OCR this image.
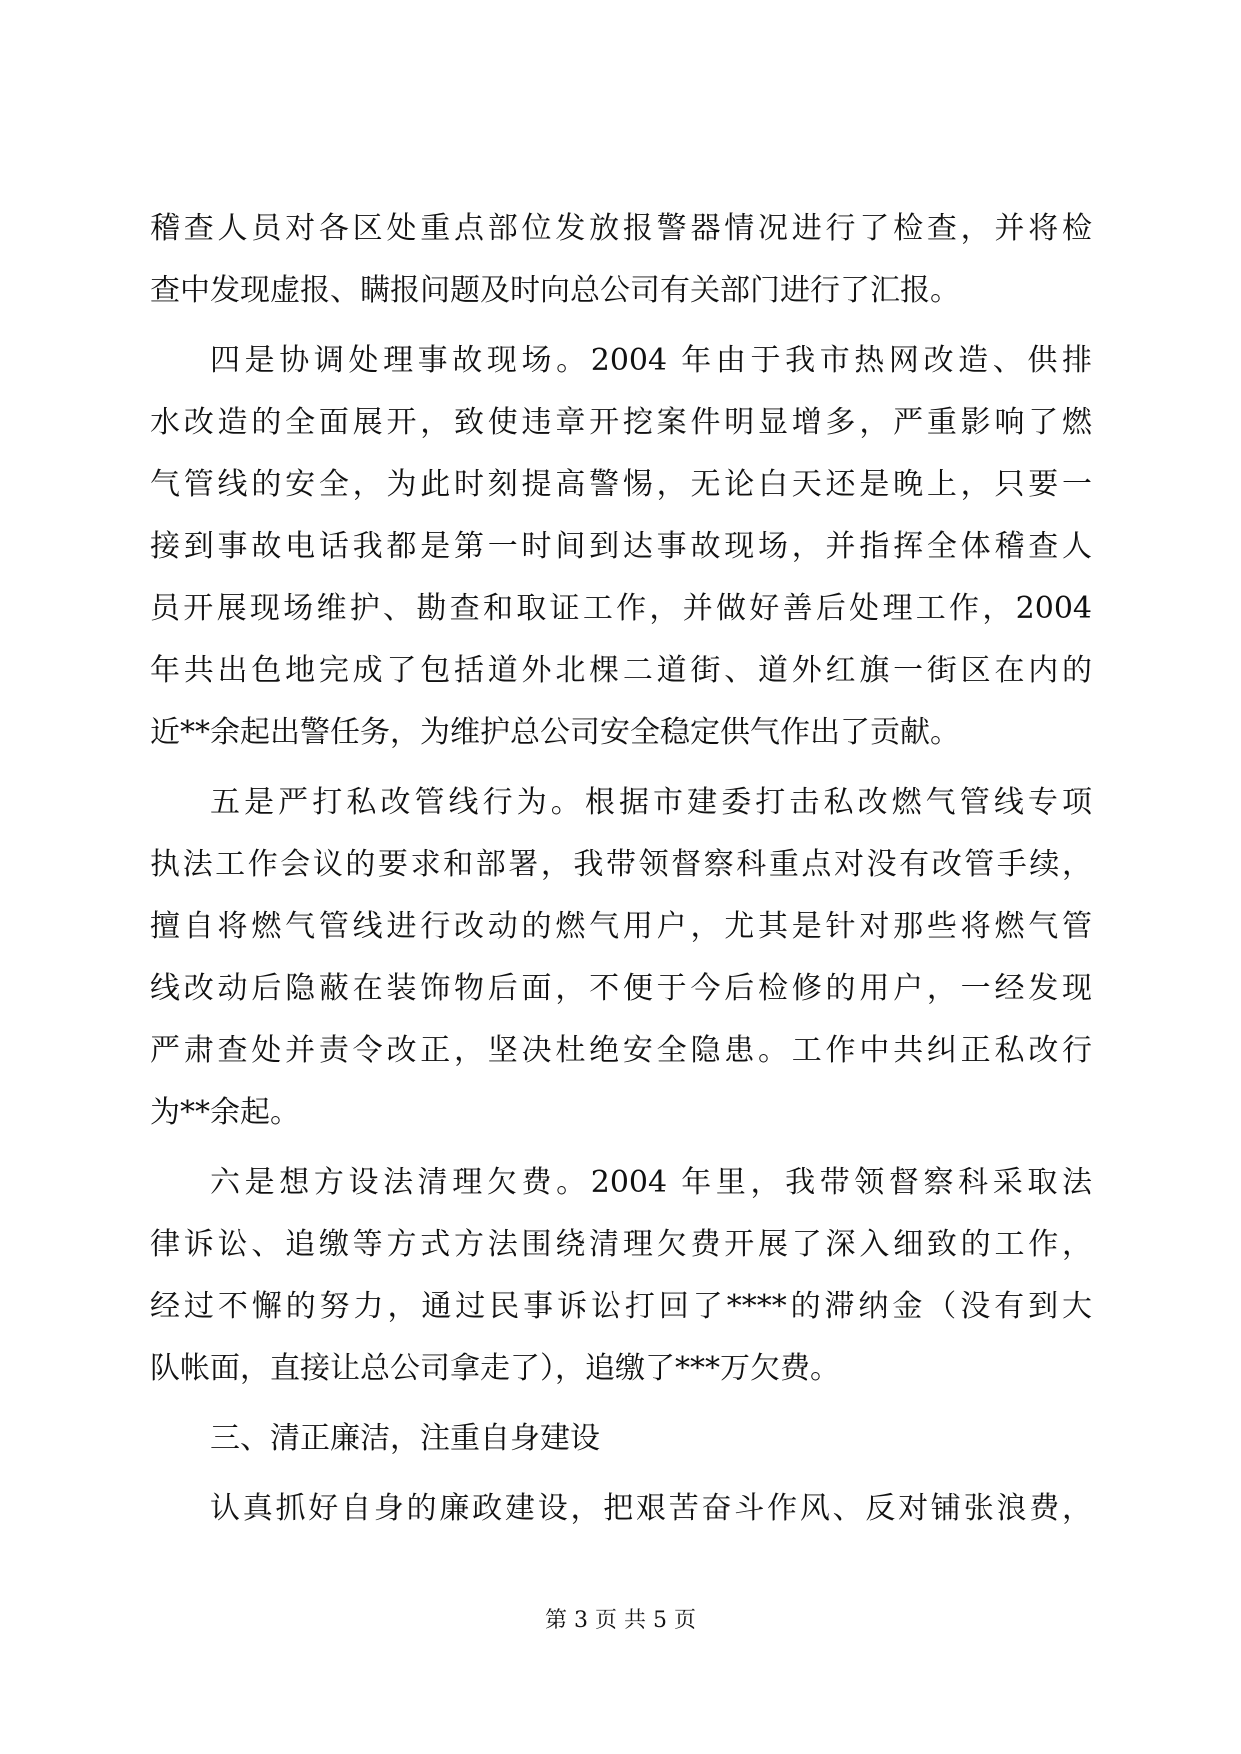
稽查人员对各区处重点部位发放报警器情况进行了检查，并将检
查中发现虚报、瞒报问题及时向总公司有关部门进行了汇报。
四是协调处理事故现场。2004 年由于我市热网改造、供排
水改造的全面展开，致使违章开挖案件明显增多，严重影响了燃
气管线的安全，为此时刻提高警惕，无论白天还是晚上，只要一
接到事故电话我都是第一时间到达事故现场，并指挥全体稽查人
员开展现场维护、勘查和取证工作，并做好善后处理工作，2004
年共出色地完成了包括道外北棵二道街、道外红旗一街区在内的
近**余起出警任务，为维护总公司安全稳定供气作出了贡献。
五是严打私改管线行为。根据市建委打击私改燃气管线专项
执法工作会议的要求和部署，我带领督察科重点对没有改管手续，
擅自将燃气管线进行改动的燃气用户，尤其是针对那些将燃气管
线改动后隐蔽在装饰物后面，不便于今后检修的用户，一经发现
严肃查处并责令改正，坚决杜绝安全隐患。工作中共纠正私改行
为**余起。
六是想方设法清理欠费。2004 年里，我带领督察科采取法
律诉讼、追缴等方式方法围绕清理欠费开展了深入细致的工作，
经过不懈的努力，通过民事诉讼打回了****的滞纳金（没有到大
队帐面，直接让总公司拿走了），追缴了***万欠费。
三、清正廉洁，注重自身建设
认真抓好自身的廉政建设，把艰苦奋斗作风、反对铺张浪费，
第 3 页 共 5 页
